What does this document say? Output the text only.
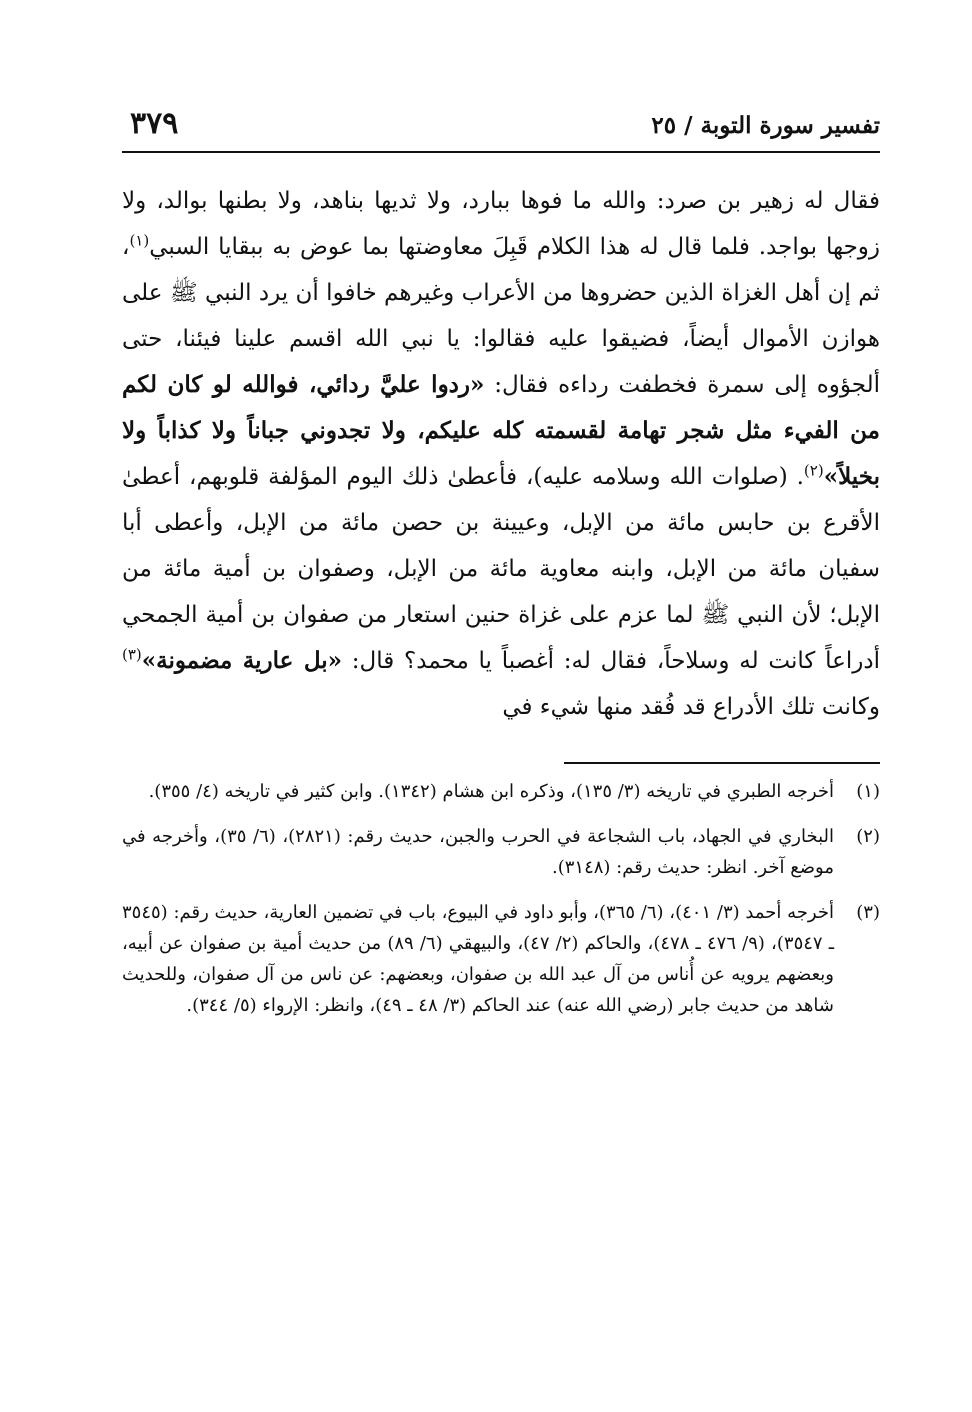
تفسير سورة التوبة / ٢٥
٣٧٩

فقال له زهير بن صرد: والله ما فوها ببارد، ولا ثديها بناهد، ولا بطنها بوالد، ولا زوجها بواجد. فلما قال له هذا الكلام قَبِلَ معاوضتها بما عوض به ببقايا السبي$^{(١)}$، ثم إن أهل الغزاة الذين حضروها من الأعراب وغيرهم خافوا أن يرد النبي ﷺ على هوازن الأموال أيضاً، فضيقوا عليه فقالوا: يا نبي الله اقسم علينا فيئنا، حتى ألجؤوه إلى سمرة فخطفت رداءه فقال: «ردوا عليَّ ردائي، فوالله لو كان لكم من الفيء مثل شجر تهامة لقسمته كله عليكم، ولا تجدوني جباناً ولا كذاباً ولا بخيلاً»$^{(٢)}$. (صلوات الله وسلامه عليه)، فأعطىٰ ذلك اليوم المؤلفة قلوبهم، أعطىٰ الأقرع بن حابس مائة من الإبل، وعيينة بن حصن مائة من الإبل، وأعطى أبا سفيان مائة من الإبل، وابنه معاوية مائة من الإبل، وصفوان بن أمية مائة من الإبل؛ لأن النبي ﷺ لما عزم على غزاة حنين استعار من صفوان بن أمية الجمحي أدراعاً كانت له وسلاحاً، فقال له: أغصباً يا محمد؟ قال: «بل عارية مضمونة»$^{(٣)}$ وكانت تلك الأدراع قد فُقد منها شيء في

(١)
أخرجه الطبري في تاريخه (٣/ ١٣٥)، وذكره ابن هشام (١٣٤٢). وابن كثير في تاريخه (٤/ ٣٥٥).
(٢)
البخاري في الجهاد، باب الشجاعة في الحرب والجبن، حديث رقم: (٢٨٢١)، (٦/ ٣٥)، وأخرجه في موضع آخر. انظر: حديث رقم: (٣١٤٨).
(٣)
أخرجه أحمد (٣/ ٤٠١)، (٦/ ٣٦٥)، وأبو داود في البيوع، باب في تضمين العارية، حديث رقم: (٣٥٤٥ ـ ٣٥٤٧)، (٩/ ٤٧٦ ـ ٤٧٨)، والحاكم (٢/ ٤٧)، والبيهقي (٦/ ٨٩) من حديث أمية بن صفوان عن أبيه، وبعضهم يرويه عن أُناس من آل عبد الله بن صفوان، وبعضهم: عن ناس من آل صفوان، وللحديث شاهد من حديث جابر (رضي الله عنه) عند الحاكم (٣/ ٤٨ ـ ٤٩)، وانظر: الإرواء (٥/ ٣٤٤).
